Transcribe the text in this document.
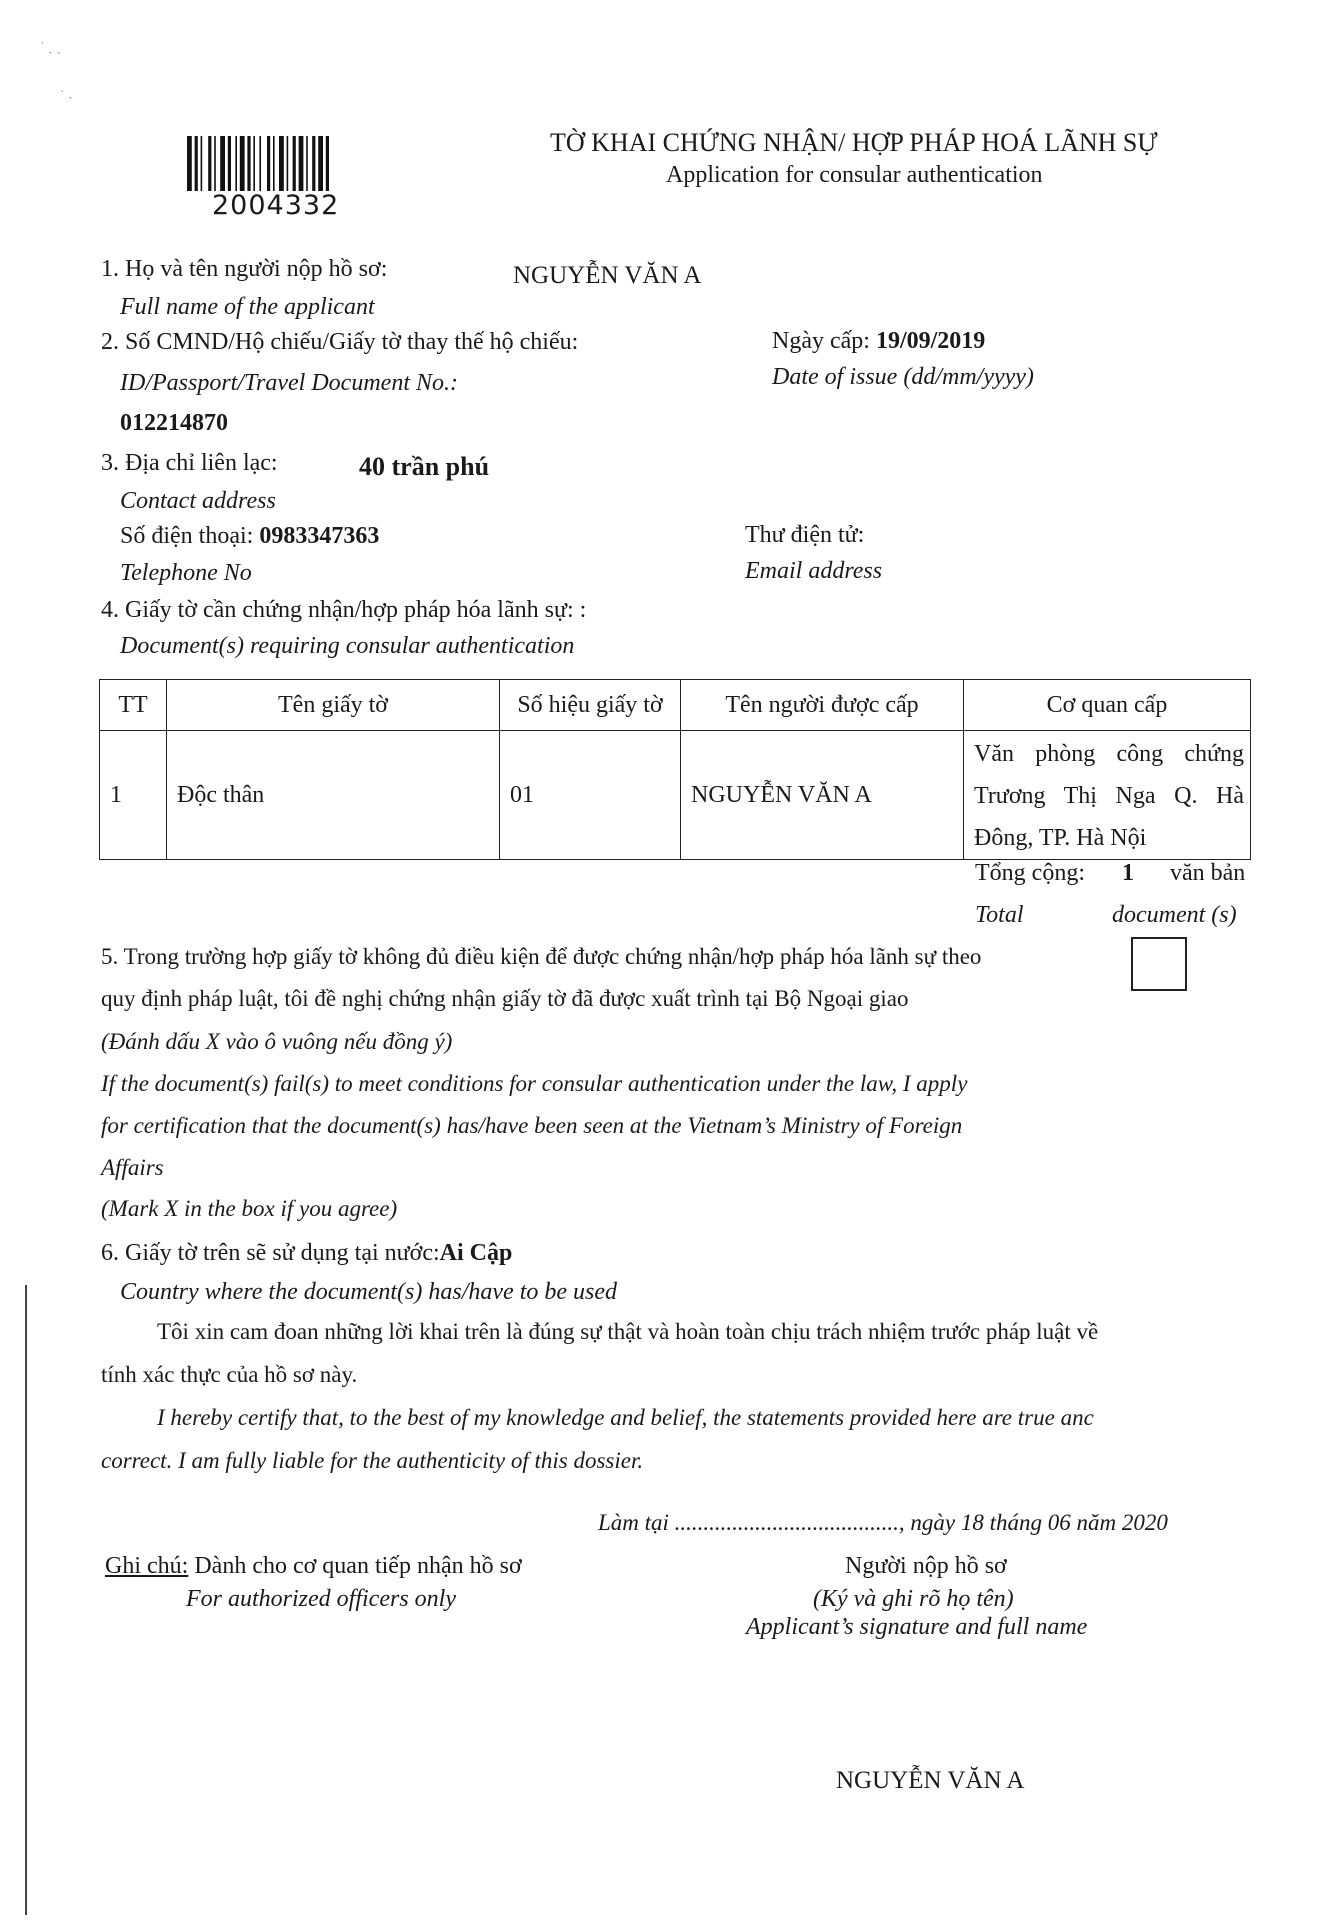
˙ ˏ ˎ
· ˏ
2004332
TỜ KHAI CHỨNG NHẬN/ HỢP PHÁP HOÁ LÃNH SỰ
Application for consular authentication
1. Họ và tên người nộp hồ sơ:	NGUYỄN VĂN A
Full name of the applicant
2. Số CMND/Hộ chiếu/Giấy tờ thay thế hộ chiếu:	Ngày cấp: 19/09/2019
ID/Passport/Travel Document No.:	Date of issue (dd/mm/yyyy)
012214870
3. Địa chỉ liên lạc:	40 trần phú
Contact address
Số điện thoại: 0983347363	Thư điện tử:
Telephone No	Email address
4. Giấy tờ cần chứng nhận/hợp pháp hóa lãnh sự: :
Document(s) requiring consular authentication
TT	Tên giấy tờ	Số hiệu giấy tờ	Tên người được cấp	Cơ quan cấp
1	Độc thân	01	NGUYỄN VĂN A	Văn phòng công chứng Trương Thị Nga Q. Hà Đông, TP. Hà Nội
Tổng cộng: 1 văn bản
Total	document (s)
5. Trong trường hợp giấy tờ không đủ điều kiện để được chứng nhận/hợp pháp hóa lãnh sự theo
quy định pháp luật, tôi đề nghị chứng nhận giấy tờ đã được xuất trình tại Bộ Ngoại giao
(Đánh dấu X vào ô vuông nếu đồng ý)
If the document(s) fail(s) to meet conditions for consular authentication under the law, I apply
for certification that the document(s) has/have been seen at the Vietnam’s Ministry of Foreign
Affairs
(Mark X in the box if you agree)
6. Giấy tờ trên sẽ sử dụng tại nước:Ai Cập
Country where the document(s) has/have to be used
Tôi xin cam đoan những lời khai trên là đúng sự thật và hoàn toàn chịu trách nhiệm trước pháp luật về
tính xác thực của hồ sơ này.
I hereby certify that, to the best of my knowledge and belief, the statements provided here are true anc
correct. I am fully liable for the authenticity of this dossier.
Làm tại ......................................., ngày 18 tháng 06 năm 2020
Ghi chú: Dành cho cơ quan tiếp nhận hồ sơ
For authorized officers only
Người nộp hồ sơ
(Ký và ghi rõ họ tên)
Applicant’s signature and full name
NGUYỄN VĂN A
